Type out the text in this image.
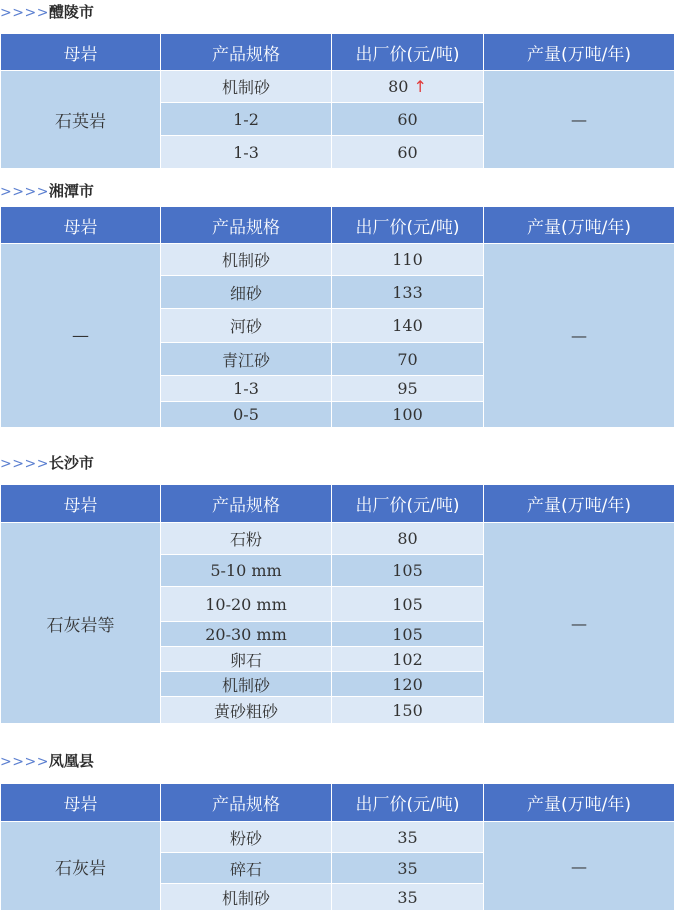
>>>>醴陵市
母岩	产品规格	出厂价(元/吨)	产量(万吨/年)
石英岩	机制砂	80 ↑	—
	1-2	60	
	1-3	60	
>>>>湘潭市
母岩	产品规格	出厂价(元/吨)	产量(万吨/年)
—	机制砂	110	—
	细砂	133	
	河砂	140	
	青江砂	70	
	1-3	95	
	0-5	100	
>>>>长沙市
母岩	产品规格	出厂价(元/吨)	产量(万吨/年)
石灰岩等	石粉	80	—
	5-10 mm	105	
	10-20 mm	105	
	20-30 mm	105	
	卵石	102	
	机制砂	120	
	黄砂粗砂	150	
>>>>凤凰县
母岩	产品规格	出厂价(元/吨)	产量(万吨/年)
石灰岩	粉砂	35	—
	碎石	35	
	机制砂	35	
